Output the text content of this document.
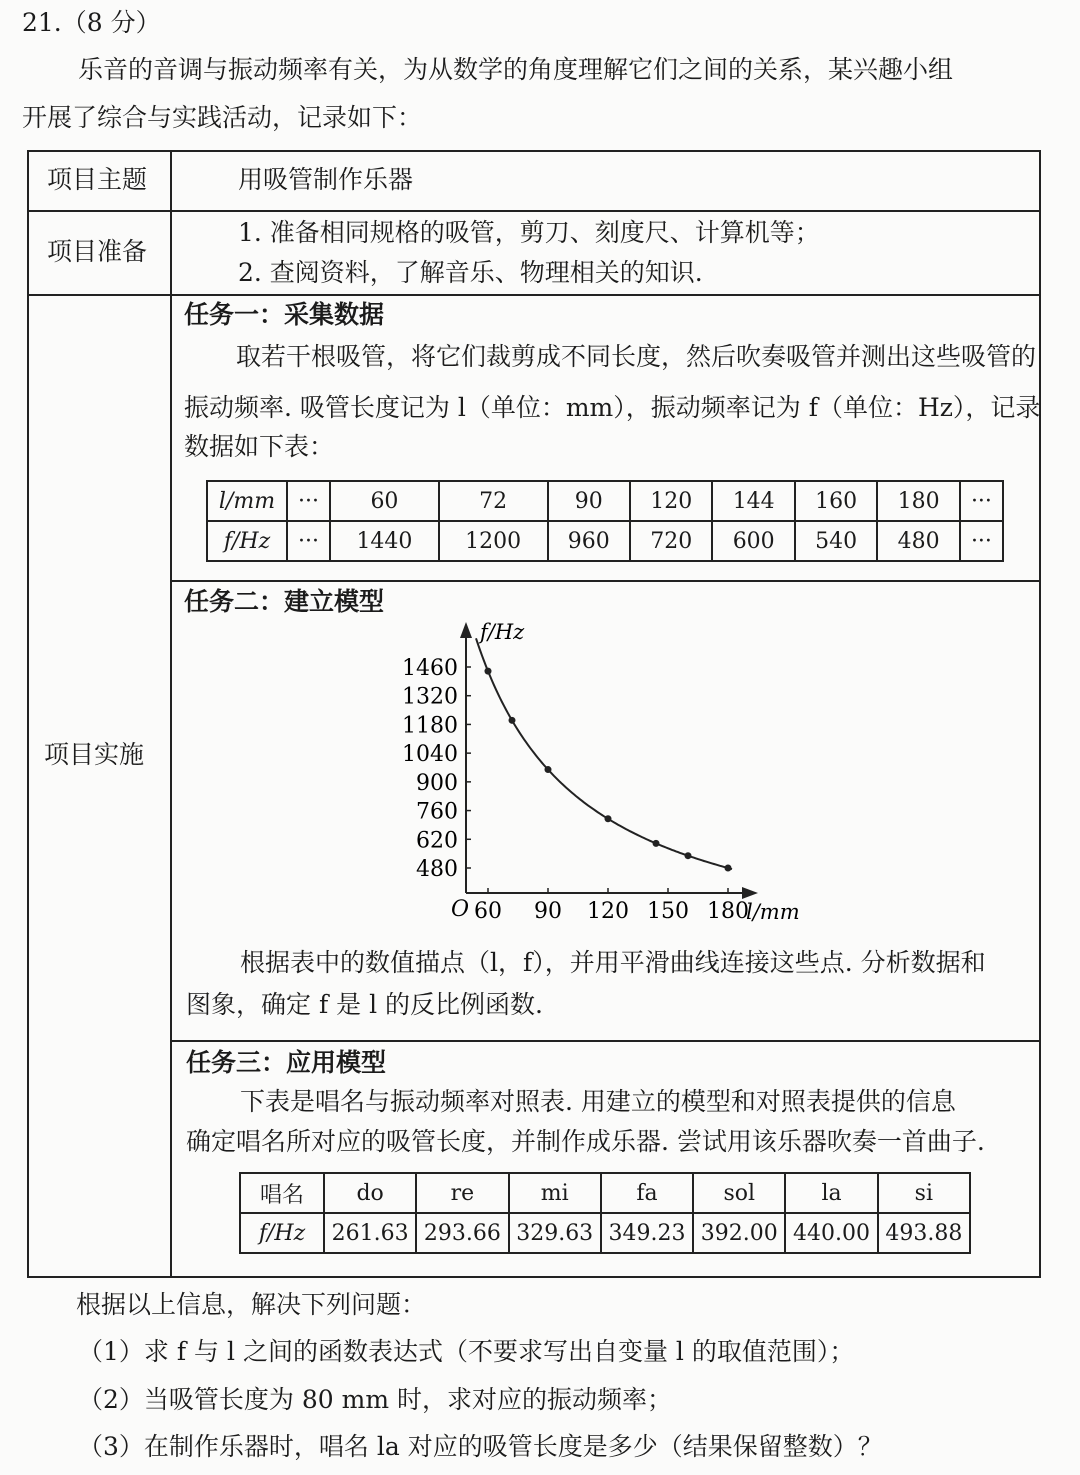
21.（8 分）
乐音的音调与振动频率有关，为从数学的角度理解它们之间的关系，某兴趣小组
开展了综合与实践活动，记录如下：
项目主题	用吸管制作乐器
项目准备
1. 准备相同规格的吸管，剪刀、刻度尺、计算机等；
2. 查阅资料，了解音乐、物理相关的知识.
项目实施
任务一：采集数据
取若干根吸管，将它们裁剪成不同长度，然后吹奏吸管并测出这些吸管的
振动频率. 吸管长度记为 l（单位：mm），振动频率记为 f（单位：Hz），记录
数据如下表：
l/mm	···	60	72	90	120	144	160	180	···
f/Hz	···	1440	1200	960	720	600	540	480	···
任务二：建立模型
O
f/Hz
l/mm
60 90 120 150 180
480
620
760
900
1040
1180
1320
1460
根据表中的数值描点（l，f），并用平滑曲线连接这些点. 分析数据和
图象，确定 f 是 l 的反比例函数.
任务三：应用模型
下表是唱名与振动频率对照表. 用建立的模型和对照表提供的信息
确定唱名所对应的吸管长度，并制作成乐器. 尝试用该乐器吹奏一首曲子.
唱名	do	re	mi	fa	sol	la	si
f/Hz	261.63	293.66	329.63	349.23	392.00	440.00	493.88
根据以上信息，解决下列问题：
（1）求 f 与 l 之间的函数表达式（不要求写出自变量 l 的取值范围）；
（2）当吸管长度为 80 mm 时，求对应的振动频率；
（3）在制作乐器时，唱名 la 对应的吸管长度是多少（结果保留整数）？
